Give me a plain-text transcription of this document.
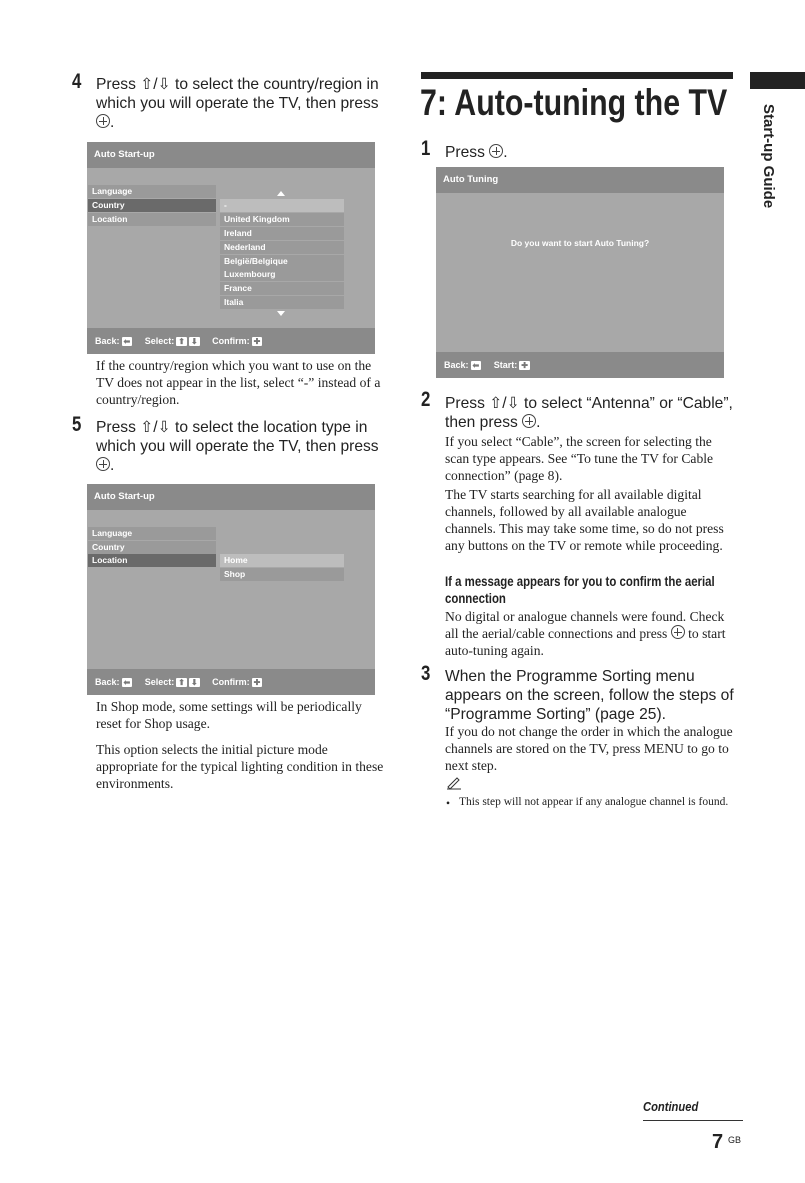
4 Press ⇧/⇩ to select the country/region in which you will operate the TV, then press .
Auto Start-up
Language
Country
Location
-
United Kingdom
Ireland
Nederland
België/Belgique
Luxembourg
France
Italia
Back: ⬅ Select: ⬆ ⬇ Confirm: ✚
If the country/region which you want to use on the TV does not appear in the list, select “-” instead of a country/region.
5 Press ⇧/⇩ to select the location type in which you will operate the TV, then press .
Auto Start-up
Language
Country
Location	Home
Shop
Back: ⬅ Select: ⬆ ⬇ Confirm: ✚
In Shop mode, some settings will be periodically reset for Shop usage.
This option selects the initial picture mode appropriate for the typical lighting condition in these environments.
7: Auto-tuning the TV
Start-up Guide
1 Press .
Auto Tuning
Do you want to start Auto Tuning?
Back: ⬅ Start: ✚
2 Press ⇧/⇩ to select “Antenna” or “Cable”, then press .
If you select “Cable”, the screen for selecting the scan type appears. See “To tune the TV for Cable connection” (page 8).
The TV starts searching for all available digital channels, followed by all available analogue channels. This may take some time, so do not press any buttons on the TV or remote while proceeding.
If a message appears for you to confirm the aerial connection
No digital or analogue channels were found. Check all the aerial/cable connections and press to start auto-tuning again.
3 When the Programme Sorting menu appears on the screen, follow the steps of “Programme Sorting” (page 25).
If you do not change the order in which the analogue channels are stored on the TV, press MENU to go to next step.
• This step will not appear if any analogue channel is found.
Continued
7 GB
